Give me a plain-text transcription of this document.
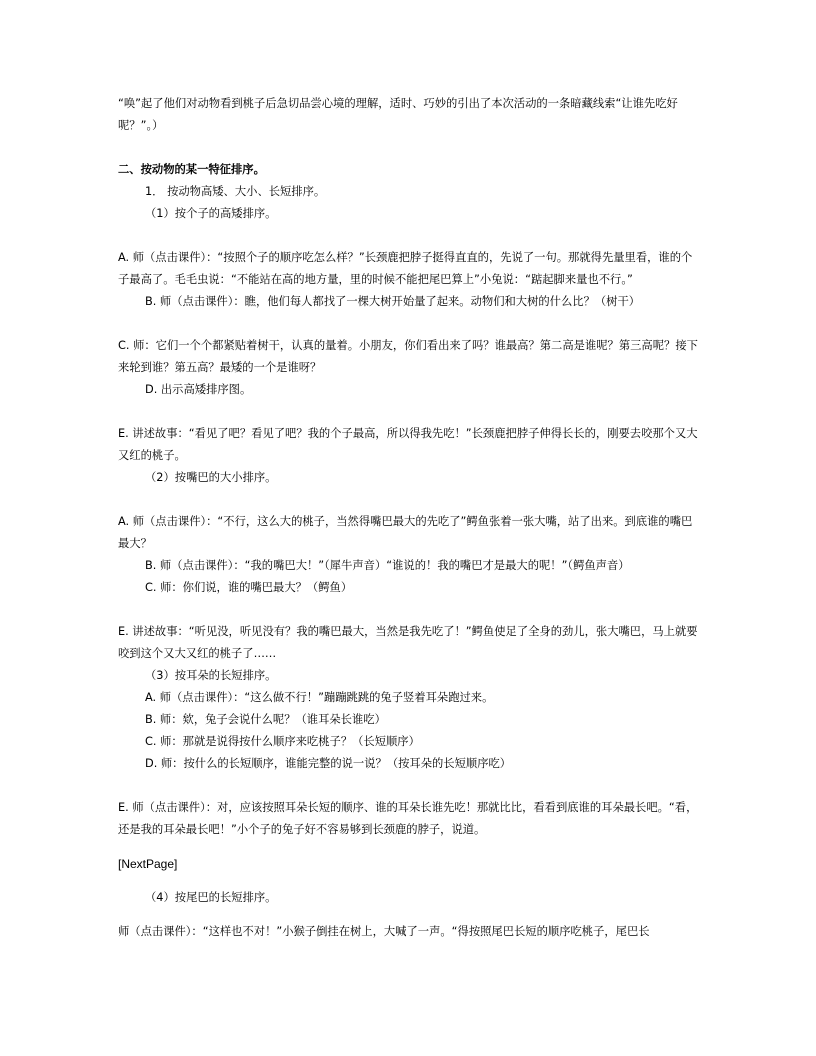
“唤”起了他们对动物看到桃子后急切品尝心境的理解，适时、巧妙的引出了本次活动的一条暗藏线索“让谁先吃好呢？”。）

二、按动物的某一特征排序。

1． 按动物高矮、大小、长短排序。

（1）按个子的高矮排序。

A. 师（点击课件）：“按照个子的顺序吃怎么样？”长颈鹿把脖子挺得直直的，先说了一句。那就得先量里看，谁的个子最高了。毛毛虫说：“不能站在高的地方量，里的时候不能把尾巴算上”小兔说：“踮起脚来量也不行。”

B. 师（点击课件）：瞧，他们每人都找了一棵大树开始量了起来。动物们和大树的什么比？（树干）

C. 师：它们一个个都紧贴着树干，认真的量着。小朋友，你们看出来了吗？谁最高？第二高是谁呢？第三高呢？接下来轮到谁？第五高？最矮的一个是谁呀？

D. 出示高矮排序图。

E. 讲述故事：“看见了吧？看见了吧？我的个子最高，所以得我先吃！”长颈鹿把脖子伸得长长的，刚要去咬那个又大又红的桃子。

（2）按嘴巴的大小排序。

A. 师（点击课件）：“不行，这么大的桃子，当然得嘴巴最大的先吃了”鳄鱼张着一张大嘴，站了出来。到底谁的嘴巴最大？

B. 师（点击课件）：“我的嘴巴大！”（犀牛声音）“谁说的！我的嘴巴才是最大的呢！”（鳄鱼声音）

C. 师：你们说，谁的嘴巴最大？（鳄鱼）

E. 讲述故事：“听见没，听见没有？我的嘴巴最大，当然是我先吃了！”鳄鱼使足了全身的劲儿，张大嘴巴，马上就要咬到这个又大又红的桃子了……

（3）按耳朵的长短排序。

A. 师（点击课件）：“这么做不行！”蹦蹦跳跳的兔子竖着耳朵跑过来。

B. 师：欸，兔子会说什么呢？（谁耳朵长谁吃）

C. 师：那就是说得按什么顺序来吃桃子？（长短顺序）

D. 师：按什么的长短顺序，谁能完整的说一说？（按耳朵的长短顺序吃）

E. 师（点击课件）：对，应该按照耳朵长短的顺序、谁的耳朵长谁先吃！那就比比，看看到底谁的耳朵最长吧。“看，还是我的耳朵最长吧！”小个子的兔子好不容易够到长颈鹿的脖子，说道。

[NextPage]

（4）按尾巴的长短排序。

师（点击课件）：“这样也不对！”小猴子倒挂在树上，大喊了一声。“得按照尾巴长短的顺序吃桃子，尾巴长
